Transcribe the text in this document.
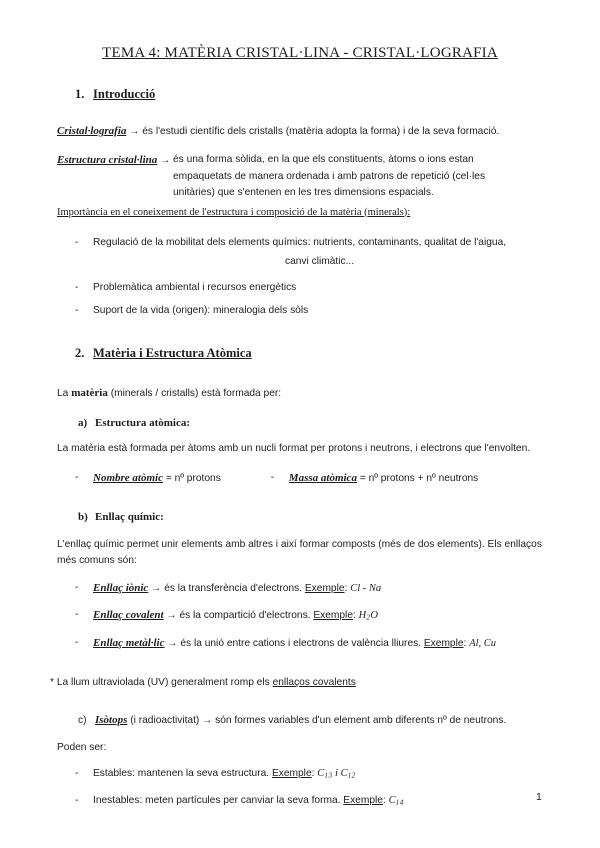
TEMA 4: MATÈRIA CRISTAL·LINA - CRISTAL·LOGRAFIA
1. Introducció

Cristal·lografia → és l'estudi científic dels cristalls (matèria adopta la forma) i de la seva formació.

Estructura cristal·lina → és una forma sòlida, en la que els constituents, àtoms o ions estan empaquetats de manera ordenada i amb patrons de repetició (cel·les unitàries) que s'entenen en les tres dimensions espacials.

Importància en el coneixement de l'estructura i composició de la matèria (minerals):

-	Regulació de la mobilitat dels elements químics: nutrients, contaminants, qualitat de l'aigua,
canvi climàtic...
-	Problemàtica ambiental i recursos energètics
-	Suport de la vida (origen): mineralogia dels sòls
2. Matèria i Estructura Atòmica

La matèria (minerals / cristalls) està formada per:

a) Estructura atòmica:

La matèria està formada per àtoms amb un nucli format per protons i neutrons, i electrons que l'envolten.

-	Nombre atòmic = nº protons	-	Massa atòmica = nº protons + nº neutrons
b) Enllaç químic:

L'enllaç químic permet unir elements amb altres i així formar composts (més de dos elements). Els enllaços més comuns són:

-	Enllaç iònic → és la transferència d'electrons. Exemple: Cl - Na
-	Enllaç covalent → és la compartició d'electrons. Exemple: H2O
-	Enllaç metàl·lic → és la unió entre cations i electrons de valència lliures. Exemple: Al, Cu

* La llum ultraviolada (UV) generalment romp els enllaços covalents

c) Isòtops (i radioactivitat) → són formes variables d'un element amb diferents nº de neutrons.

Poden ser:

-	Estables: mantenen la seva estructura. Exemple: C13 i C12
-	Inestables: meten partícules per canviar la seva forma. Exemple: C14	1
